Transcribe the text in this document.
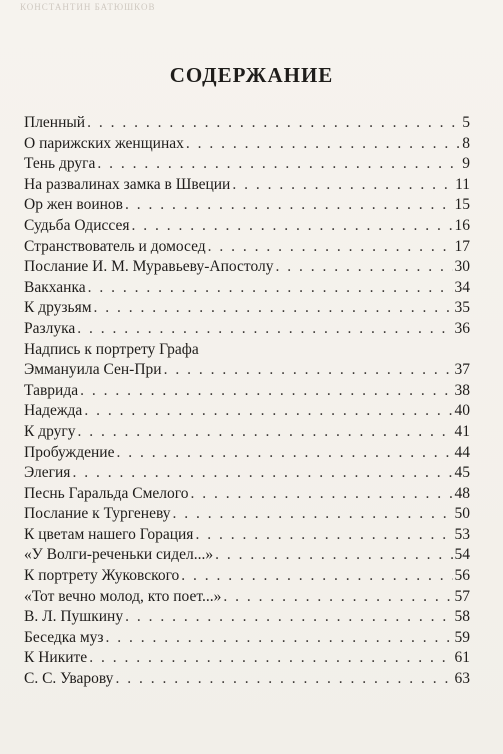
КОНСТАНТИН БАТЮШКОВ
СОДЕРЖАНИЕ
Пленный . . .	5
О парижских женщинах . . .	8
Тень друга . . .	9
На развалинах замка в Швеции . . .	11
Ор жен воинов . . .	15
Судьба Одиссея . . .	16
Странствователь и домосед . . .	17
Послание И. М. Муравьеву-Апостолу . . .	30
Вакханка . . .	34
К друзьям . . .	35
Разлука . . .	36
Надпись к портрету Графа
Эммануила Сен-При . . .	37
Таврида . . .	38
Надежда . . .	40
К другу . . .	41
Пробуждение . . .	44
Элегия . . .	45
Песнь Гаральда Смелого . . .	48
Послание к Тургеневу . . .	50
К цветам нашего Горация . . .	53
«У Волги-реченьки сидел...» . . .	54
К портрету Жуковского . . .	56
«Тот вечно молод, кто поет...» . . .	57
В. Л. Пушкину . . .	58
Беседка муз . . .	59
К Никите . . .	61
С. С. Уварову . . .	63
